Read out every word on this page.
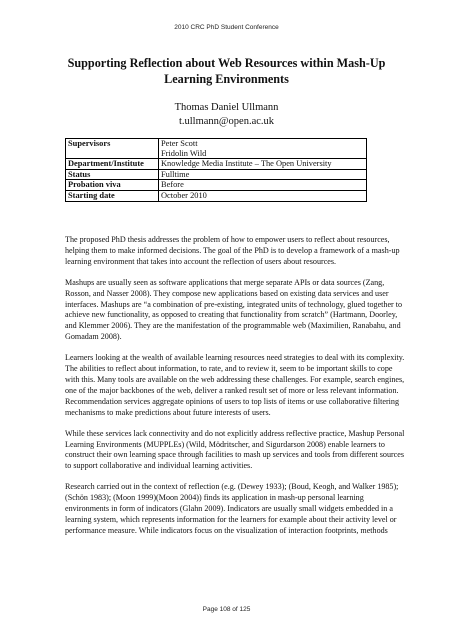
2010 CRC PhD Student Conference
Supporting Reflection about Web Resources within Mash-Up Learning Environments
Thomas Daniel Ullmann
t.ullmann@open.ac.uk
Supervisors	Peter Scott
Fridolin Wild

Department/Institute	Knowledge Media Institute – The Open University
Status	Fulltime
Probation viva	Before
Starting date	October 2010

The proposed PhD thesis addresses the problem of how to empower users to reflect about resources, helping them to make informed decisions. The goal of the PhD is to develop a framework of a mash-up learning environment that takes into account the reflection of users about resources.

Mashups are usually seen as software applications that merge separate APIs or data sources (Zang, Rosson, and Nasser 2008). They compose new applications based on existing data services and user interfaces. Mashups are “a combination of pre-existing, integrated units of technology, glued together to achieve new functionality, as opposed to creating that functionality from scratch” (Hartmann, Doorley, and Klemmer 2006). They are the manifestation of the programmable web (Maximilien, Ranabahu, and Gomadam 2008).

Learners looking at the wealth of available learning resources need strategies to deal with its complexity. The abilities to reflect about information, to rate, and to review it, seem to be important skills to cope with this. Many tools are available on the web addressing these challenges. For example, search engines, one of the major backbones of the web, deliver a ranked result set of more or less relevant information. Recommendation services aggregate opinions of users to top lists of items or use collaborative filtering mechanisms to make predictions about future interests of users.

While these services lack connectivity and do not explicitly address reflective practice, Mashup Personal Learning Environments (MUPPLEs) (Wild, Mödritscher, and Sigurdarson 2008) enable learners to construct their own learning space through facilities to mash up services and tools from different sources to support collaborative and individual learning activities.

Research carried out in the context of reflection (e.g. (Dewey 1933); (Boud, Keogh, and Walker 1985); (Schön 1983); (Moon 1999)(Moon 2004)) finds its application in mash-up personal learning environments in form of indicators (Glahn 2009). Indicators are usually small widgets embedded in a learning system, which represents information for the learners for example about their activity level or performance measure. While indicators focus on the visualization of interaction footprints, methods

Page 108 of 125
